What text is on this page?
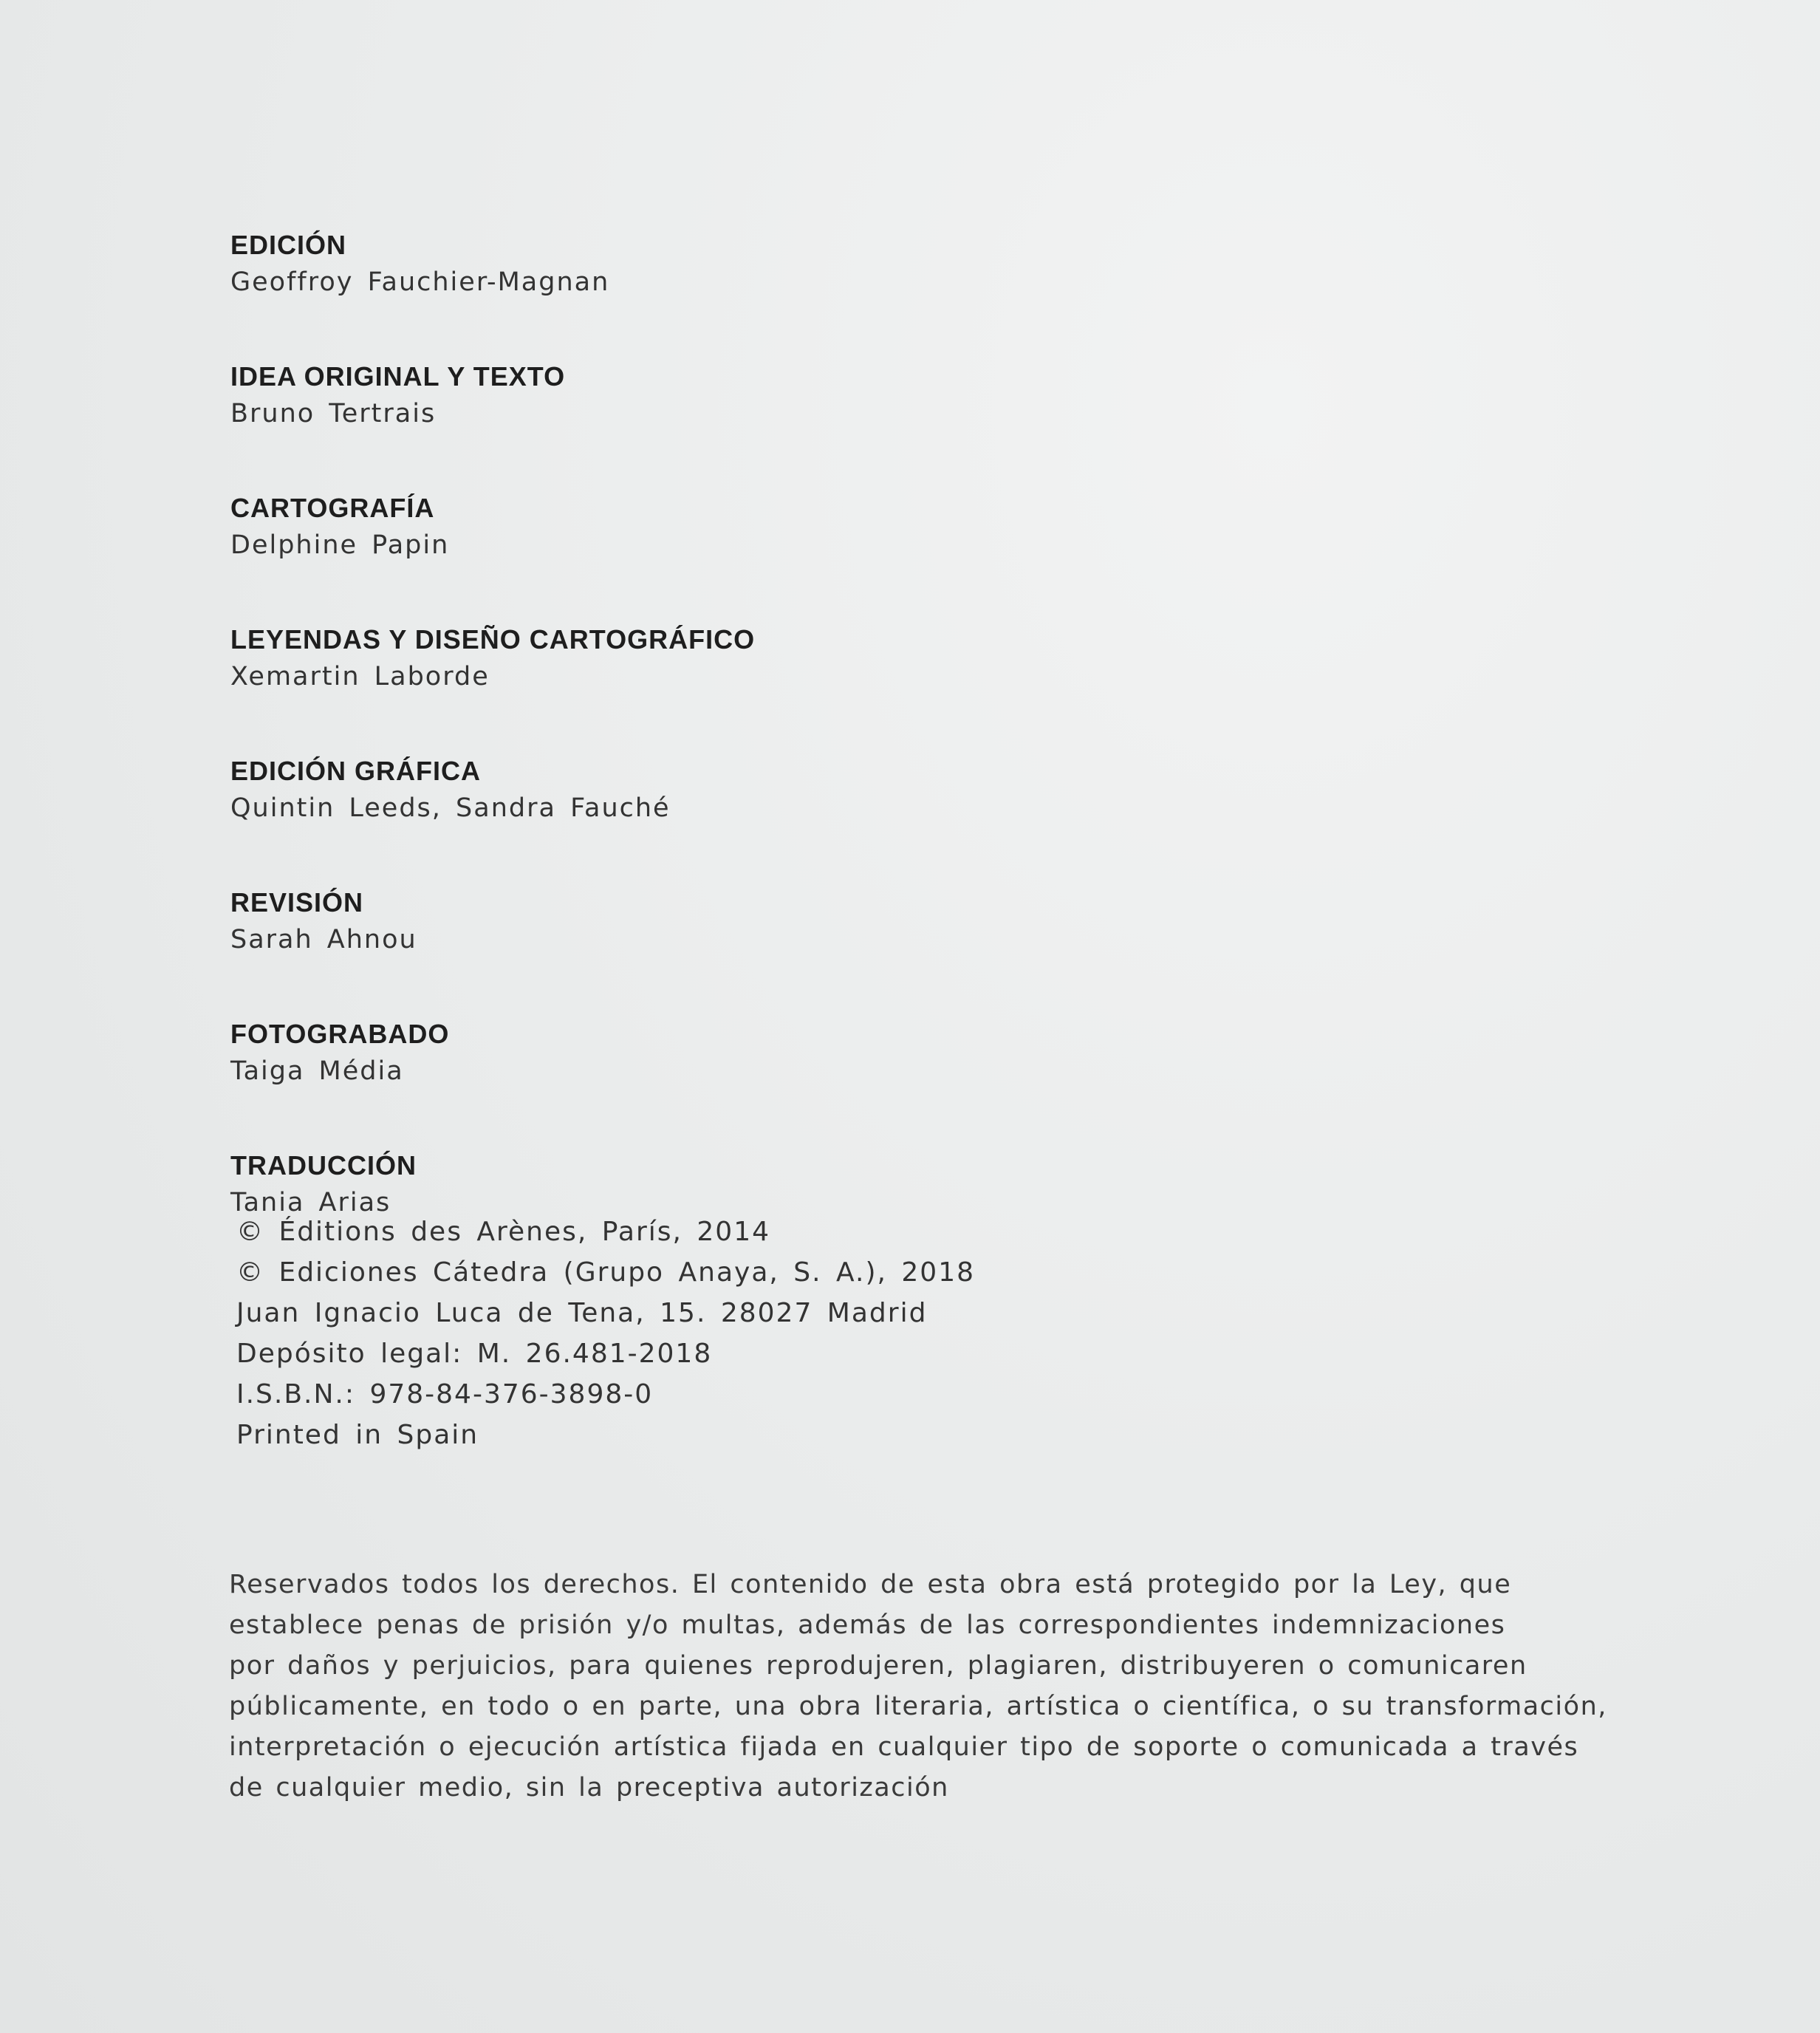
EDICIÓN
Geoffroy Fauchier-Magnan
IDEA ORIGINAL Y TEXTO
Bruno Tertrais
CARTOGRAFÍA
Delphine Papin
LEYENDAS Y DISEÑO CARTOGRÁFICO
Xemartin Laborde
EDICIÓN GRÁFICA
Quintin Leeds, Sandra Fauché
REVISIÓN
Sarah Ahnou
FOTOGRABADO
Taiga Média
TRADUCCIÓN
Tania Arias
© Éditions des Arènes, París, 2014
© Ediciones Cátedra (Grupo Anaya, S. A.), 2018
Juan Ignacio Luca de Tena, 15. 28027 Madrid
Depósito legal: M. 26.481-2018
I.S.B.N.: 978-84-376-3898-0
Printed in Spain
Reservados todos los derechos. El contenido de esta obra está protegido por la Ley, que
establece penas de prisión y/o multas, además de las correspondientes indemnizaciones
por daños y perjuicios, para quienes reprodujeren, plagiaren, distribuyeren o comunicaren
públicamente, en todo o en parte, una obra literaria, artística o científica, o su transformación,
interpretación o ejecución artística fijada en cualquier tipo de soporte o comunicada a través
de cualquier medio, sin la preceptiva autorización
